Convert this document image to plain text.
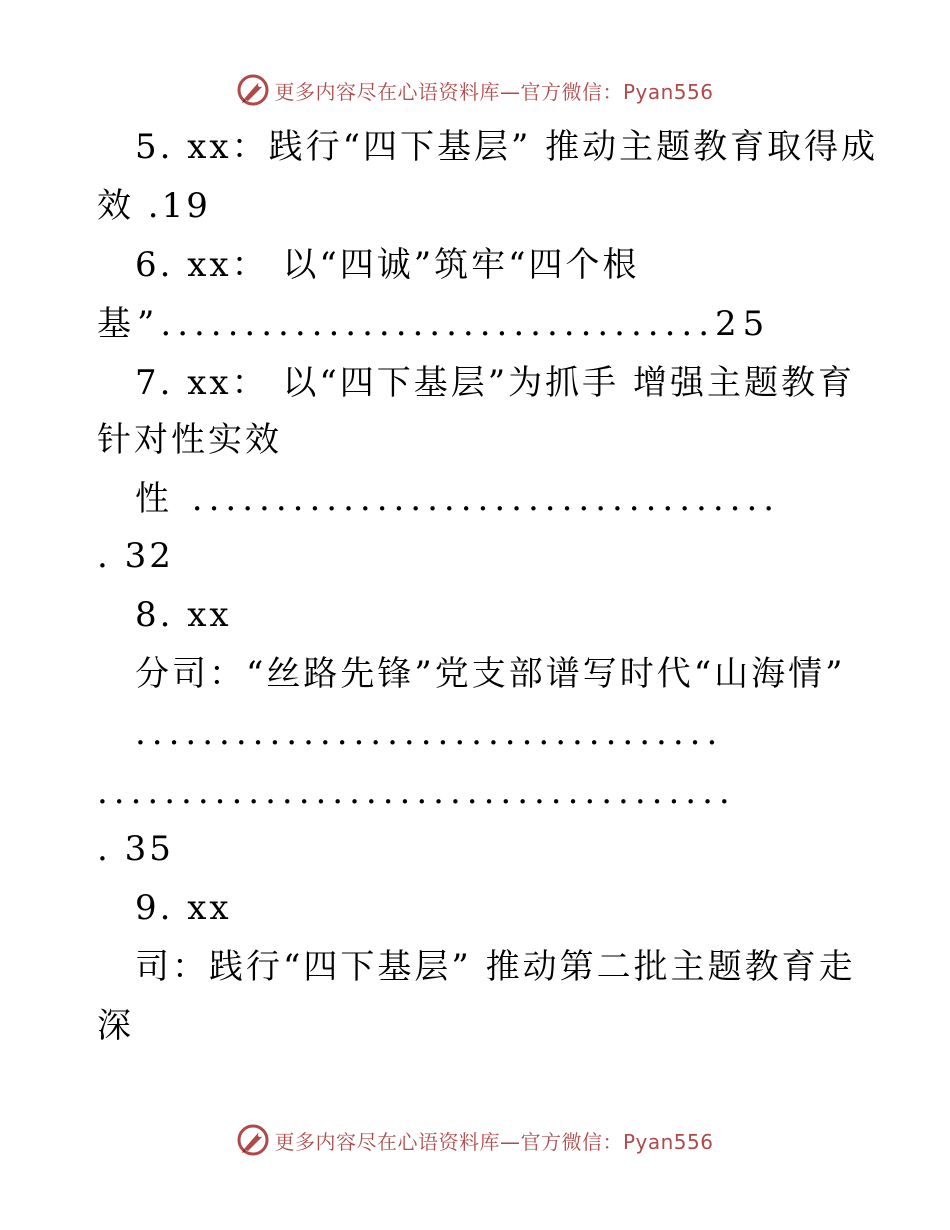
更多内容尽在心语资料库—官方微信：Pyan556
5. xx：践行“四下基层” 推动主题教育取得成
效 .19
6. xx： 以“四诚”筑牢“四个根
基”.................................25
7. xx： 以“四下基层”为抓手 增强主题教育
针对性实效
性 ...................................
. 32
8. xx
分司：“丝路先锋”党支部谱写时代“山海情”
...................................
......................................
. 35
9. xx
司：践行“四下基层” 推动第二批主题教育走
深
更多内容尽在心语资料库—官方微信：Pyan556
